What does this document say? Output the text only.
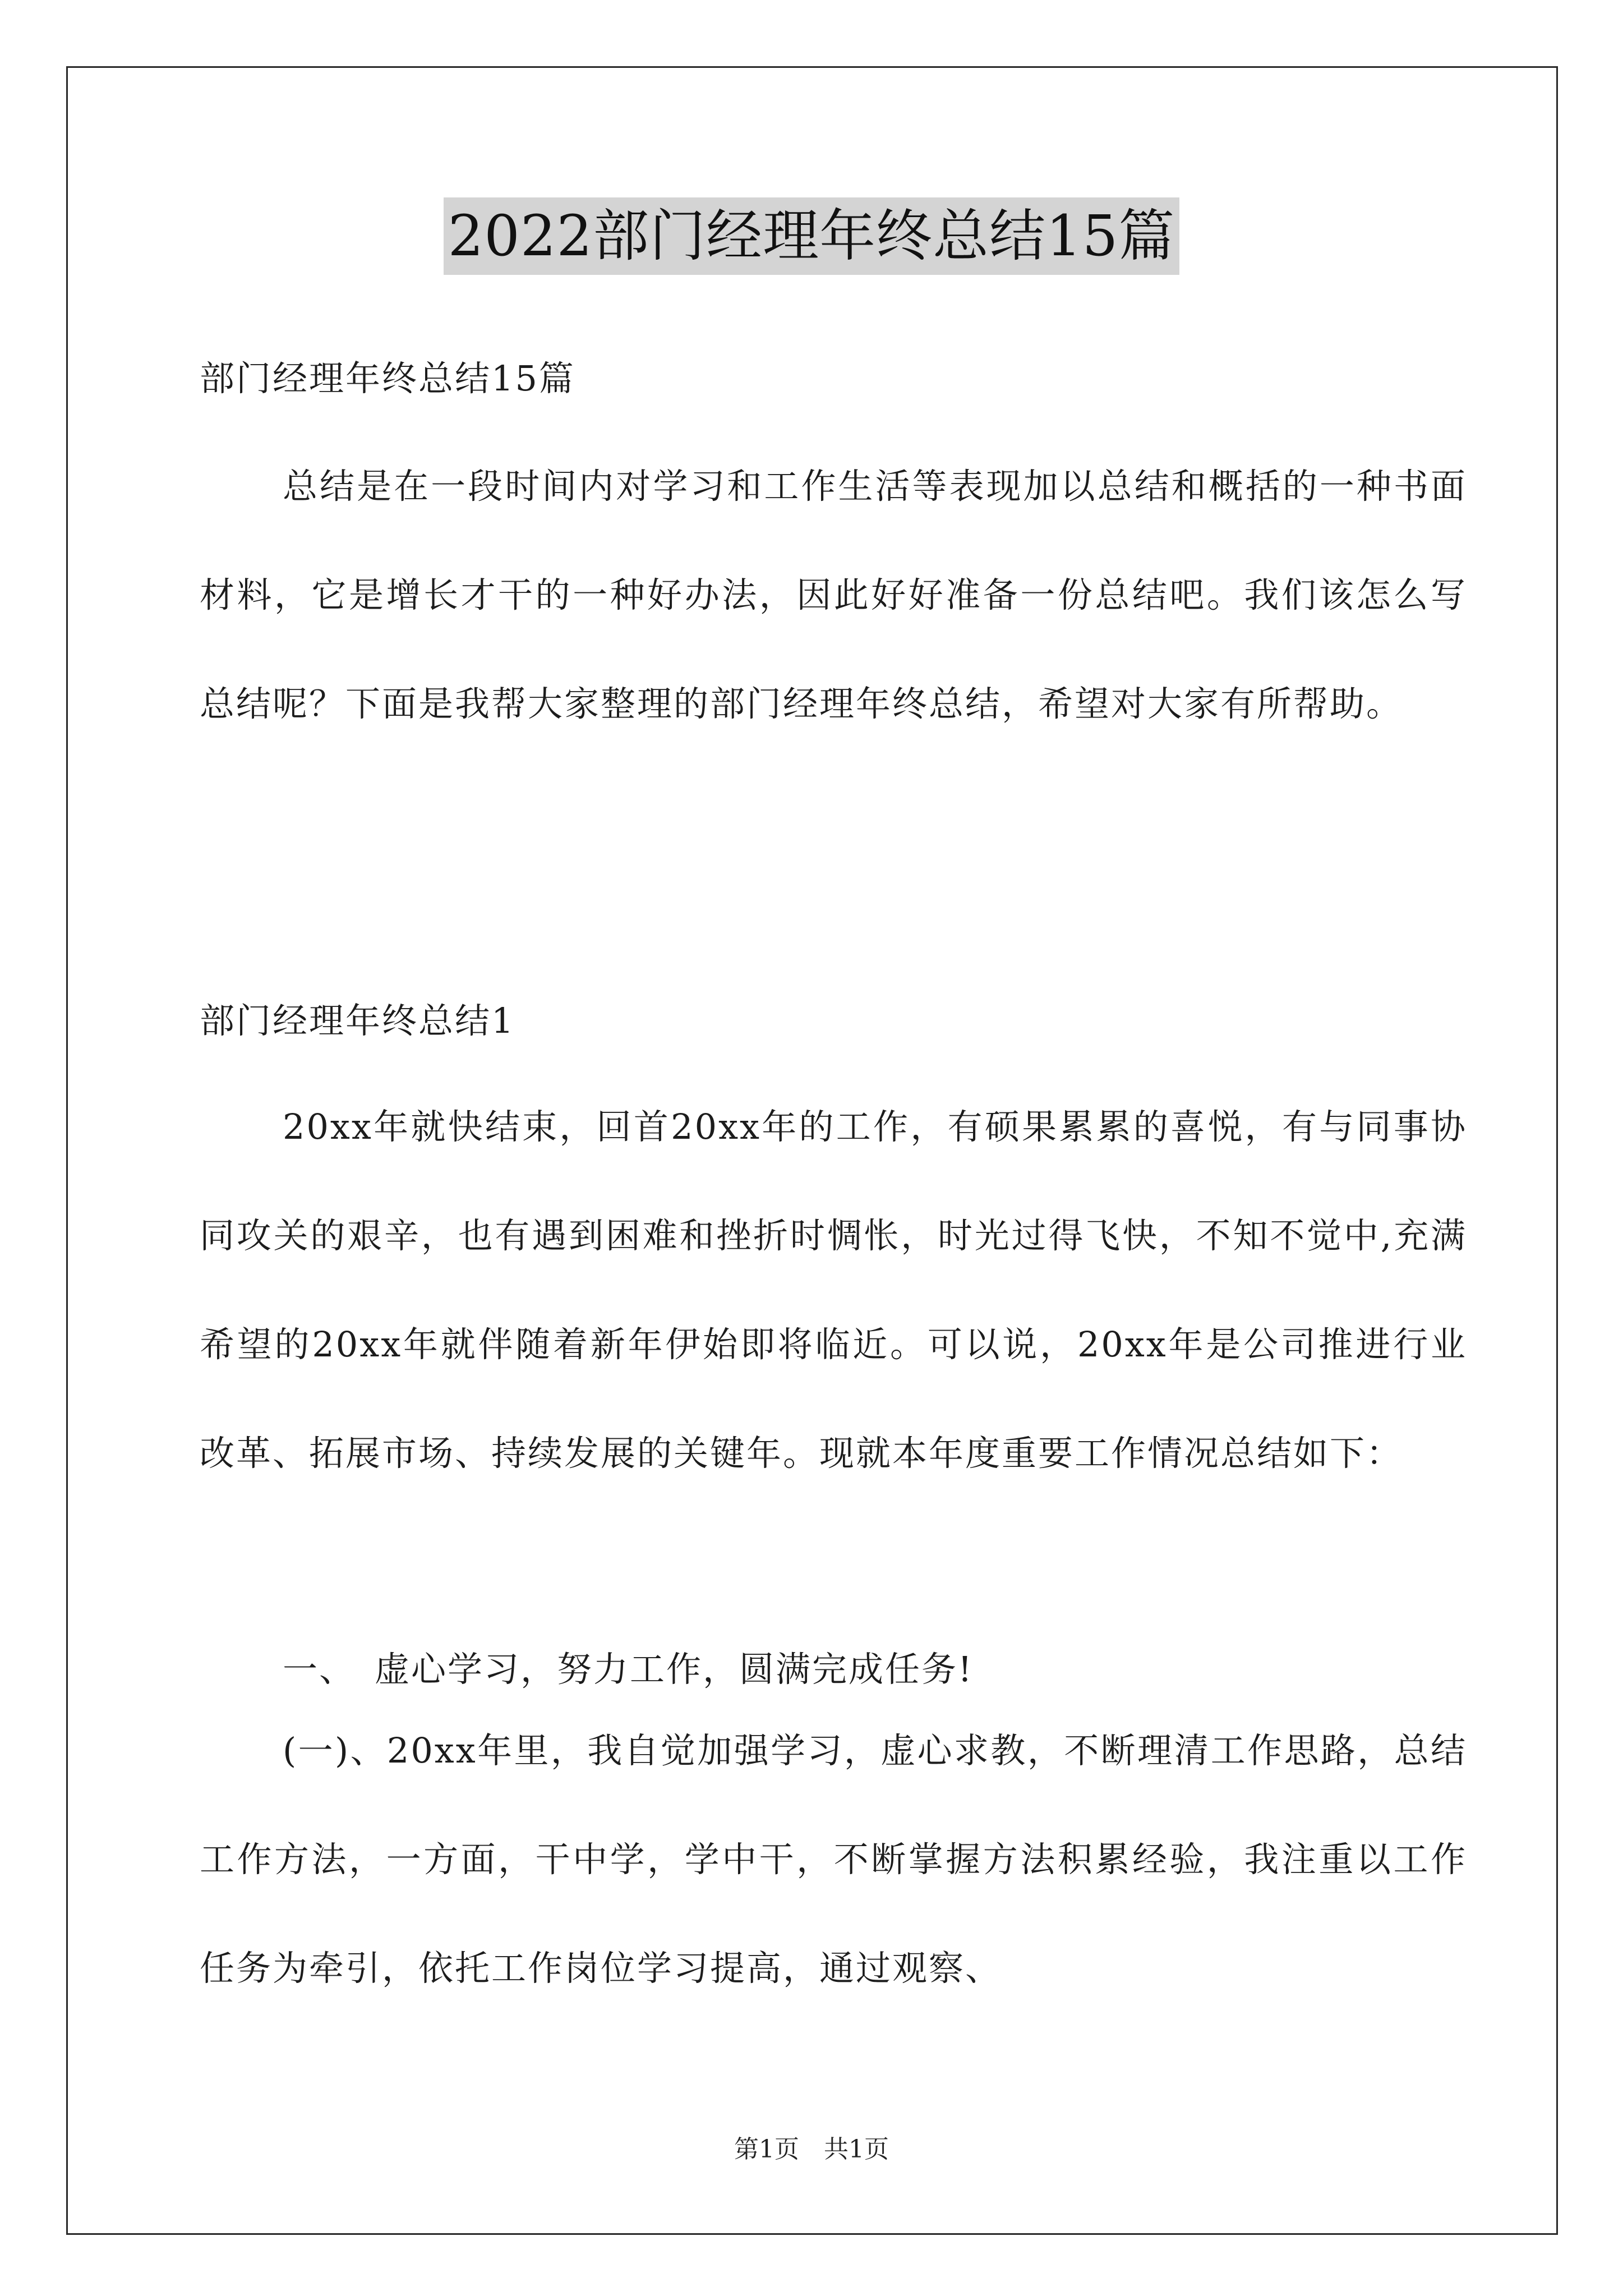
2022部门经理年终总结15篇
部门经理年终总结15篇
总结是在一段时间内对学习和工作生活等表现加以总结和概括的一种书面材料，它是增长才干的一种好办法，因此好好准备一份总结吧。我们该怎么写总结呢？下面是我帮大家整理的部门经理年终总结，希望对大家有所帮助。
部门经理年终总结1
20xx年就快结束，回首20xx年的工作，有硕果累累的喜悦，有与同事协同攻关的艰辛，也有遇到困难和挫折时惆怅，时光过得飞快，不知不觉中,充满希望的20xx年就伴随着新年伊始即将临近。可以说，20xx年是公司推进行业改革、拓展市场、持续发展的关键年。现就本年度重要工作情况总结如下：
一、　虚心学习，努力工作，圆满完成任务!
(一)、20xx年里，我自觉加强学习，虚心求教，不断理清工作思路，总结工作方法，一方面，干中学，学中干，不断掌握方法积累经验，我注重以工作任务为牵引，依托工作岗位学习提高，通过观察、
第1页　共1页
